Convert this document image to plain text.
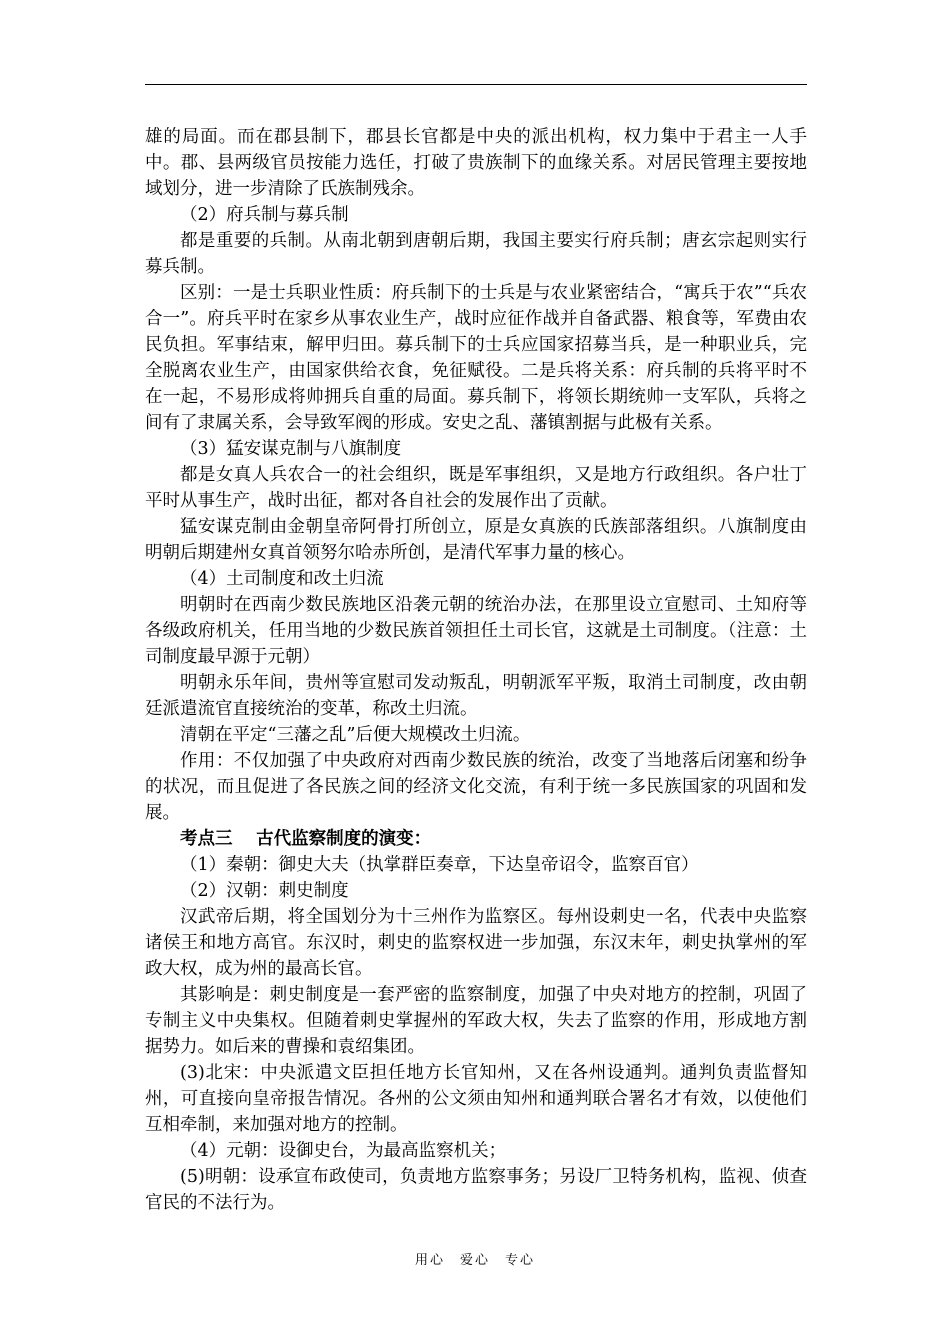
雄的局面。而在郡县制下，郡县长官都是中央的派出机构，权力集中于君主一人手中。郡、县两级官员按能力选任，打破了贵族制下的血缘关系。对居民管理主要按地域划分，进一步清除了氏族制残余。

（2）府兵制与募兵制

都是重要的兵制。从南北朝到唐朝后期，我国主要实行府兵制；唐玄宗起则实行募兵制。

区别：一是士兵职业性质：府兵制下的士兵是与农业紧密结合，“寓兵于农”“兵农合一”。府兵平时在家乡从事农业生产，战时应征作战并自备武器、粮食等，军费由农民负担。军事结束，解甲归田。募兵制下的士兵应国家招募当兵，是一种职业兵，完全脱离农业生产，由国家供给衣食，免征赋役。二是兵将关系：府兵制的兵将平时不在一起，不易形成将帅拥兵自重的局面。募兵制下，将领长期统帅一支军队，兵将之间有了隶属关系，会导致军阀的形成。安史之乱、藩镇割据与此极有关系。

（3）猛安谋克制与八旗制度

都是女真人兵农合一的社会组织，既是军事组织，又是地方行政组织。各户壮丁平时从事生产，战时出征，都对各自社会的发展作出了贡献。

猛安谋克制由金朝皇帝阿骨打所创立，原是女真族的氏族部落组织。八旗制度由明朝后期建州女真首领努尔哈赤所创，是清代军事力量的核心。

（4）土司制度和改土归流

明朝时在西南少数民族地区沿袭元朝的统治办法，在那里设立宣慰司、土知府等各级政府机关，任用当地的少数民族首领担任土司长官，这就是土司制度。（注意：土司制度最早源于元朝）

明朝永乐年间，贵州等宣慰司发动叛乱，明朝派军平叛，取消土司制度，改由朝廷派遣流官直接统治的变革，称改土归流。

清朝在平定“三藩之乱”后便大规模改土归流。

作用：不仅加强了中央政府对西南少数民族的统治，改变了当地落后闭塞和纷争的状况，而且促进了各民族之间的经济文化交流，有利于统一多民族国家的巩固和发展。

考点三　 古代监察制度的演变：

（1）秦朝：御史大夫（执掌群臣奏章，下达皇帝诏令，监察百官）

（2）汉朝：刺史制度

汉武帝后期，将全国划分为十三州作为监察区。每州设刺史一名，代表中央监察诸侯王和地方高官。东汉时，刺史的监察权进一步加强，东汉末年，刺史执掌州的军政大权，成为州的最高长官。

其影响是：刺史制度是一套严密的监察制度，加强了中央对地方的控制，巩固了专制主义中央集权。但随着刺史掌握州的军政大权，失去了监察的作用，形成地方割据势力。如后来的曹操和袁绍集团。

(3)北宋：中央派遣文臣担任地方长官知州，又在各州设通判。通判负责监督知州，可直接向皇帝报告情况。各州的公文须由知州和通判联合署名才有效，以使他们互相牵制，来加强对地方的控制。

（4）元朝：设御史台，为最高监察机关；

(5)明朝：设承宣布政使司，负责地方监察事务；另设厂卫特务机构，监视、侦查官民的不法行为。

用心　爱心　专心
